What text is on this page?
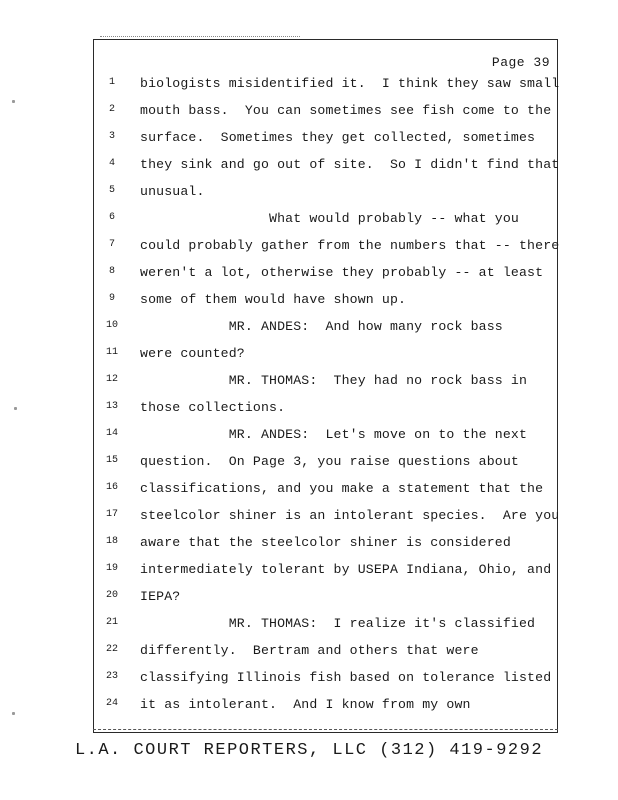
Page 39
1	biologists misidentified it.  I think they saw small
2	mouth bass.  You can sometimes see fish come to the
3	surface.  Sometimes they get collected, sometimes
4	they sink and go out of site.  So I didn't find that
5	unusual.
6	What would probably -- what you
7	could probably gather from the numbers that -- there
8	weren't a lot, otherwise they probably -- at least
9	some of them would have shown up.
10	MR. ANDES:  And how many rock bass
11	were counted?
12	MR. THOMAS:  They had no rock bass in
13	those collections.
14	MR. ANDES:  Let's move on to the next
15	question.  On Page 3, you raise questions about
16	classifications, and you make a statement that the
17	steelcolor shiner is an intolerant species.  Are you
18	aware that the steelcolor shiner is considered
19	intermediately tolerant by USEPA Indiana, Ohio, and
20	IEPA?
21	MR. THOMAS:  I realize it's classified
22	differently.  Bertram and others that were
23	classifying Illinois fish based on tolerance listed
24	it as intolerant.  And I know from my own
L.A. COURT REPORTERS, LLC (312) 419-9292
